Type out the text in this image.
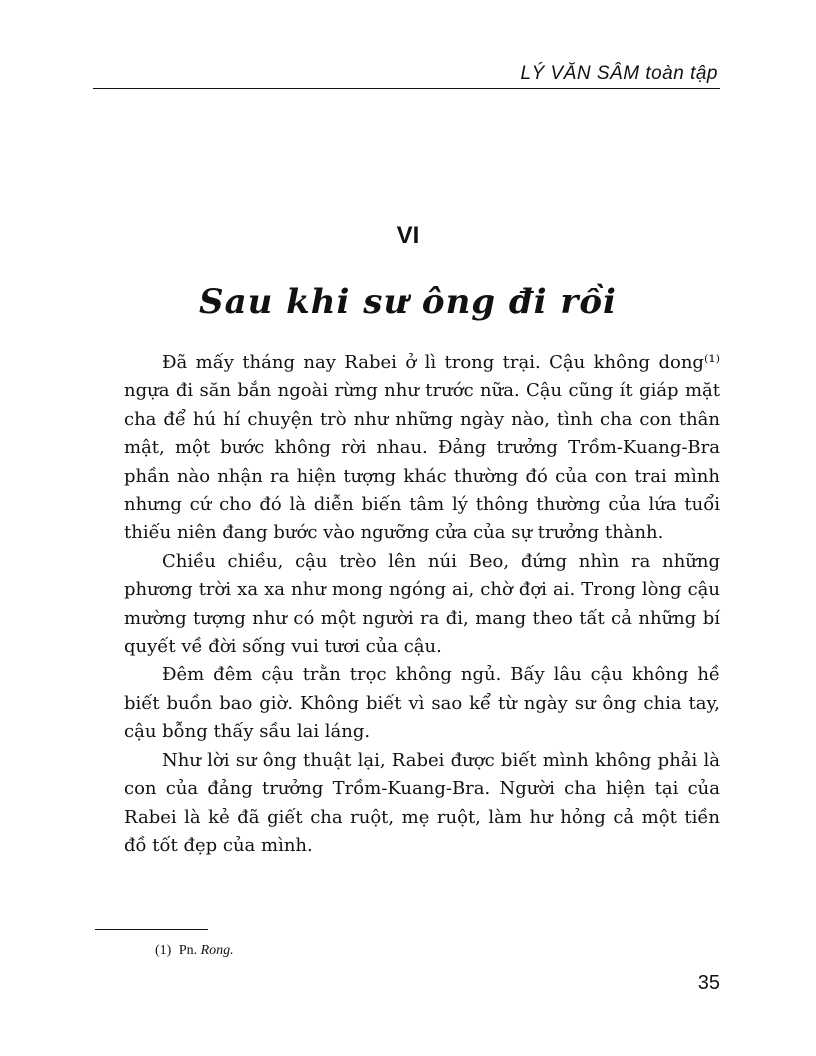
LÝ VĂN SÂM toàn tập
VI
Sau khi sư ông đi rồi

Đã mấy tháng nay Rabei ở lì trong trại. Cậu không dong⁽¹⁾ ngựa đi săn bắn ngoài rừng như trước nữa. Cậu cũng ít giáp mặt cha để hú hí chuyện trò như những ngày nào, tình cha con thân mật, một bước không rời nhau. Đảng trưởng Trồm-Kuang-Bra phần nào nhận ra hiện tượng khác thường đó của con trai mình nhưng cứ cho đó là diễn biến tâm lý thông thường của lứa tuổi thiếu niên đang bước vào ngưỡng cửa của sự trưởng thành.

Chiều chiều, cậu trèo lên núi Beo, đứng nhìn ra những phương trời xa xa như mong ngóng ai, chờ đợi ai. Trong lòng cậu mường tượng như có một người ra đi, mang theo tất cả những bí quyết về đời sống vui tươi của cậu.

Đêm đêm cậu trằn trọc không ngủ. Bấy lâu cậu không hề biết buồn bao giờ. Không biết vì sao kể từ ngày sư ông chia tay, cậu bỗng thấy sầu lai láng.

Như lời sư ông thuật lại, Rabei được biết mình không phải là con của đảng trưởng Trồm-Kuang-Bra. Người cha hiện tại của Rabei là kẻ đã giết cha ruột, mẹ ruột, làm hư hỏng cả một tiền đồ tốt đẹp của mình.

(1) Pn. Rong.
35
